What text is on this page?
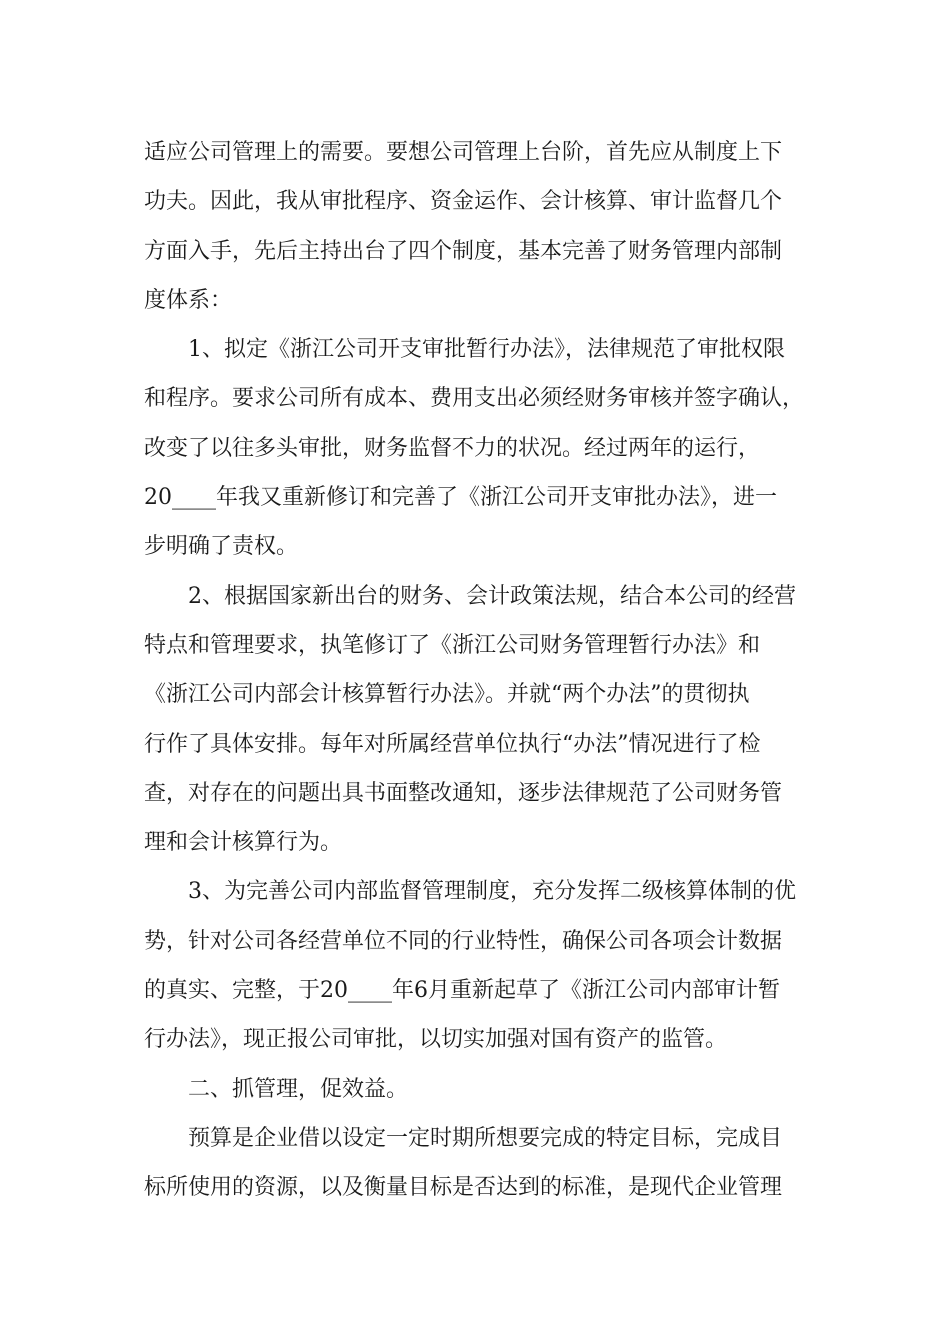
适应公司管理上的需要。要想公司管理上台阶，首先应从制度上下
功夫。因此，我从审批程序、资金运作、会计核算、审计监督几个
方面入手，先后主持出台了四个制度，基本完善了财务管理内部制
度体系：

1、拟定《浙江公司开支审批暂行办法》，法律规范了审批权限
和程序。要求公司所有成本、费用支出必须经财务审核并签字确认，
改变了以往多头审批，财务监督不力的状况。经过两年的运行，
20____年我又重新修订和完善了《浙江公司开支审批办法》，进一
步明确了责权。

2、根据国家新出台的财务、会计政策法规，结合本公司的经营
特点和管理要求，执笔修订了《浙江公司财务管理暂行办法》和
《浙江公司内部会计核算暂行办法》。并就“两个办法”的贯彻执
行作了具体安排。每年对所属经营单位执行“办法”情况进行了检
查，对存在的问题出具书面整改通知，逐步法律规范了公司财务管
理和会计核算行为。

3、为完善公司内部监督管理制度，充分发挥二级核算体制的优
势，针对公司各经营单位不同的行业特性，确保公司各项会计数据
的真实、完整，于20____年6月重新起草了《浙江公司内部审计暂
行办法》，现正报公司审批，以切实加强对国有资产的监管。

二、抓管理，促效益。

预算是企业借以设定一定时期所想要完成的特定目标，完成目
标所使用的资源，以及衡量目标是否达到的标准，是现代企业管理
